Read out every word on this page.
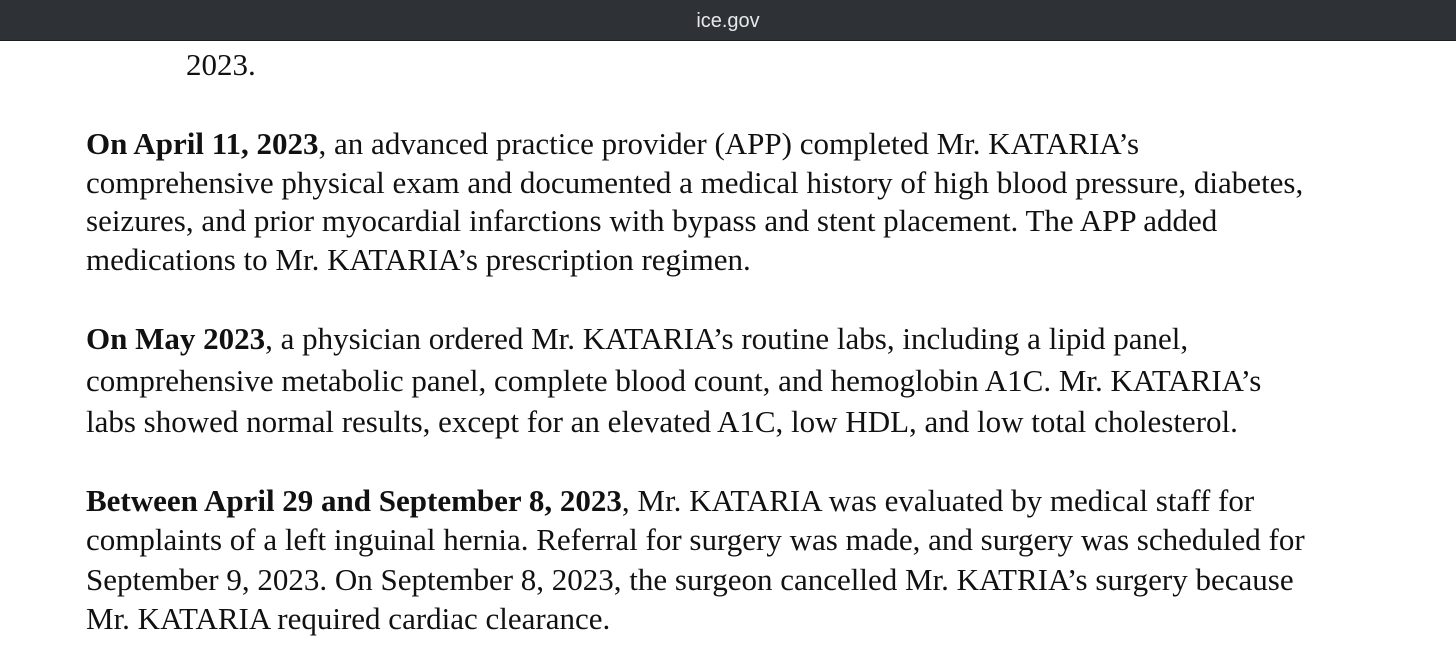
2023.
On April 11, 2023, an advanced practice provider (APP) completed Mr. KATARIA’s
comprehensive physical exam and documented a medical history of high blood pressure, diabetes,
seizures, and prior myocardial infarctions with bypass and stent placement. The APP added
medications to Mr. KATARIA’s prescription regimen.
On May 2023, a physician ordered Mr. KATARIA’s routine labs, including a lipid panel,
comprehensive metabolic panel, complete blood count, and hemoglobin A1C. Mr. KATARIA’s
labs showed normal results, except for an elevated A1C, low HDL, and low total cholesterol.
Between April 29 and September 8, 2023, Mr. KATARIA was evaluated by medical staff for
complaints of a left inguinal hernia. Referral for surgery was made, and surgery was scheduled for
September 9, 2023. On September 8, 2023, the surgeon cancelled Mr. KATRIA’s surgery because
Mr. KATARIA required cardiac clearance.
ice.gov
